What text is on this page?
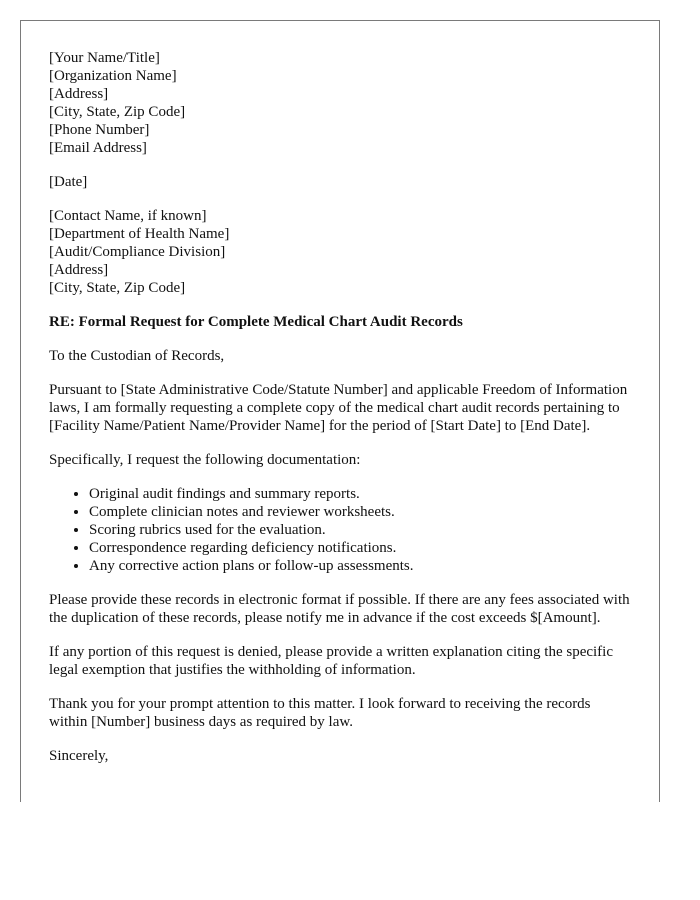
[Your Name/Title]
[Organization Name]
[Address]
[City, State, Zip Code]
[Phone Number]
[Email Address]
[Date]
[Contact Name, if known]
[Department of Health Name]
[Audit/Compliance Division]
[Address]
[City, State, Zip Code]
RE: Formal Request for Complete Medical Chart Audit Records

To the Custodian of Records,

Pursuant to [State Administrative Code/Statute Number] and applicable Freedom of Information laws, I am formally requesting a complete copy of the medical chart audit records pertaining to [Facility Name/Patient Name/Provider Name] for the period of [Start Date] to [End Date].

Specifically, I request the following documentation:

• Original audit findings and summary reports.
• Complete clinician notes and reviewer worksheets.
• Scoring rubrics used for the evaluation.
• Correspondence regarding deficiency notifications.
• Any corrective action plans or follow-up assessments.

Please provide these records in electronic format if possible. If there are any fees associated with the duplication of these records, please notify me in advance if the cost exceeds $[Amount].

If any portion of this request is denied, please provide a written explanation citing the specific legal exemption that justifies the withholding of information.

Thank you for your prompt attention to this matter. I look forward to receiving the records within [Number] business days as required by law.

Sincerely,
